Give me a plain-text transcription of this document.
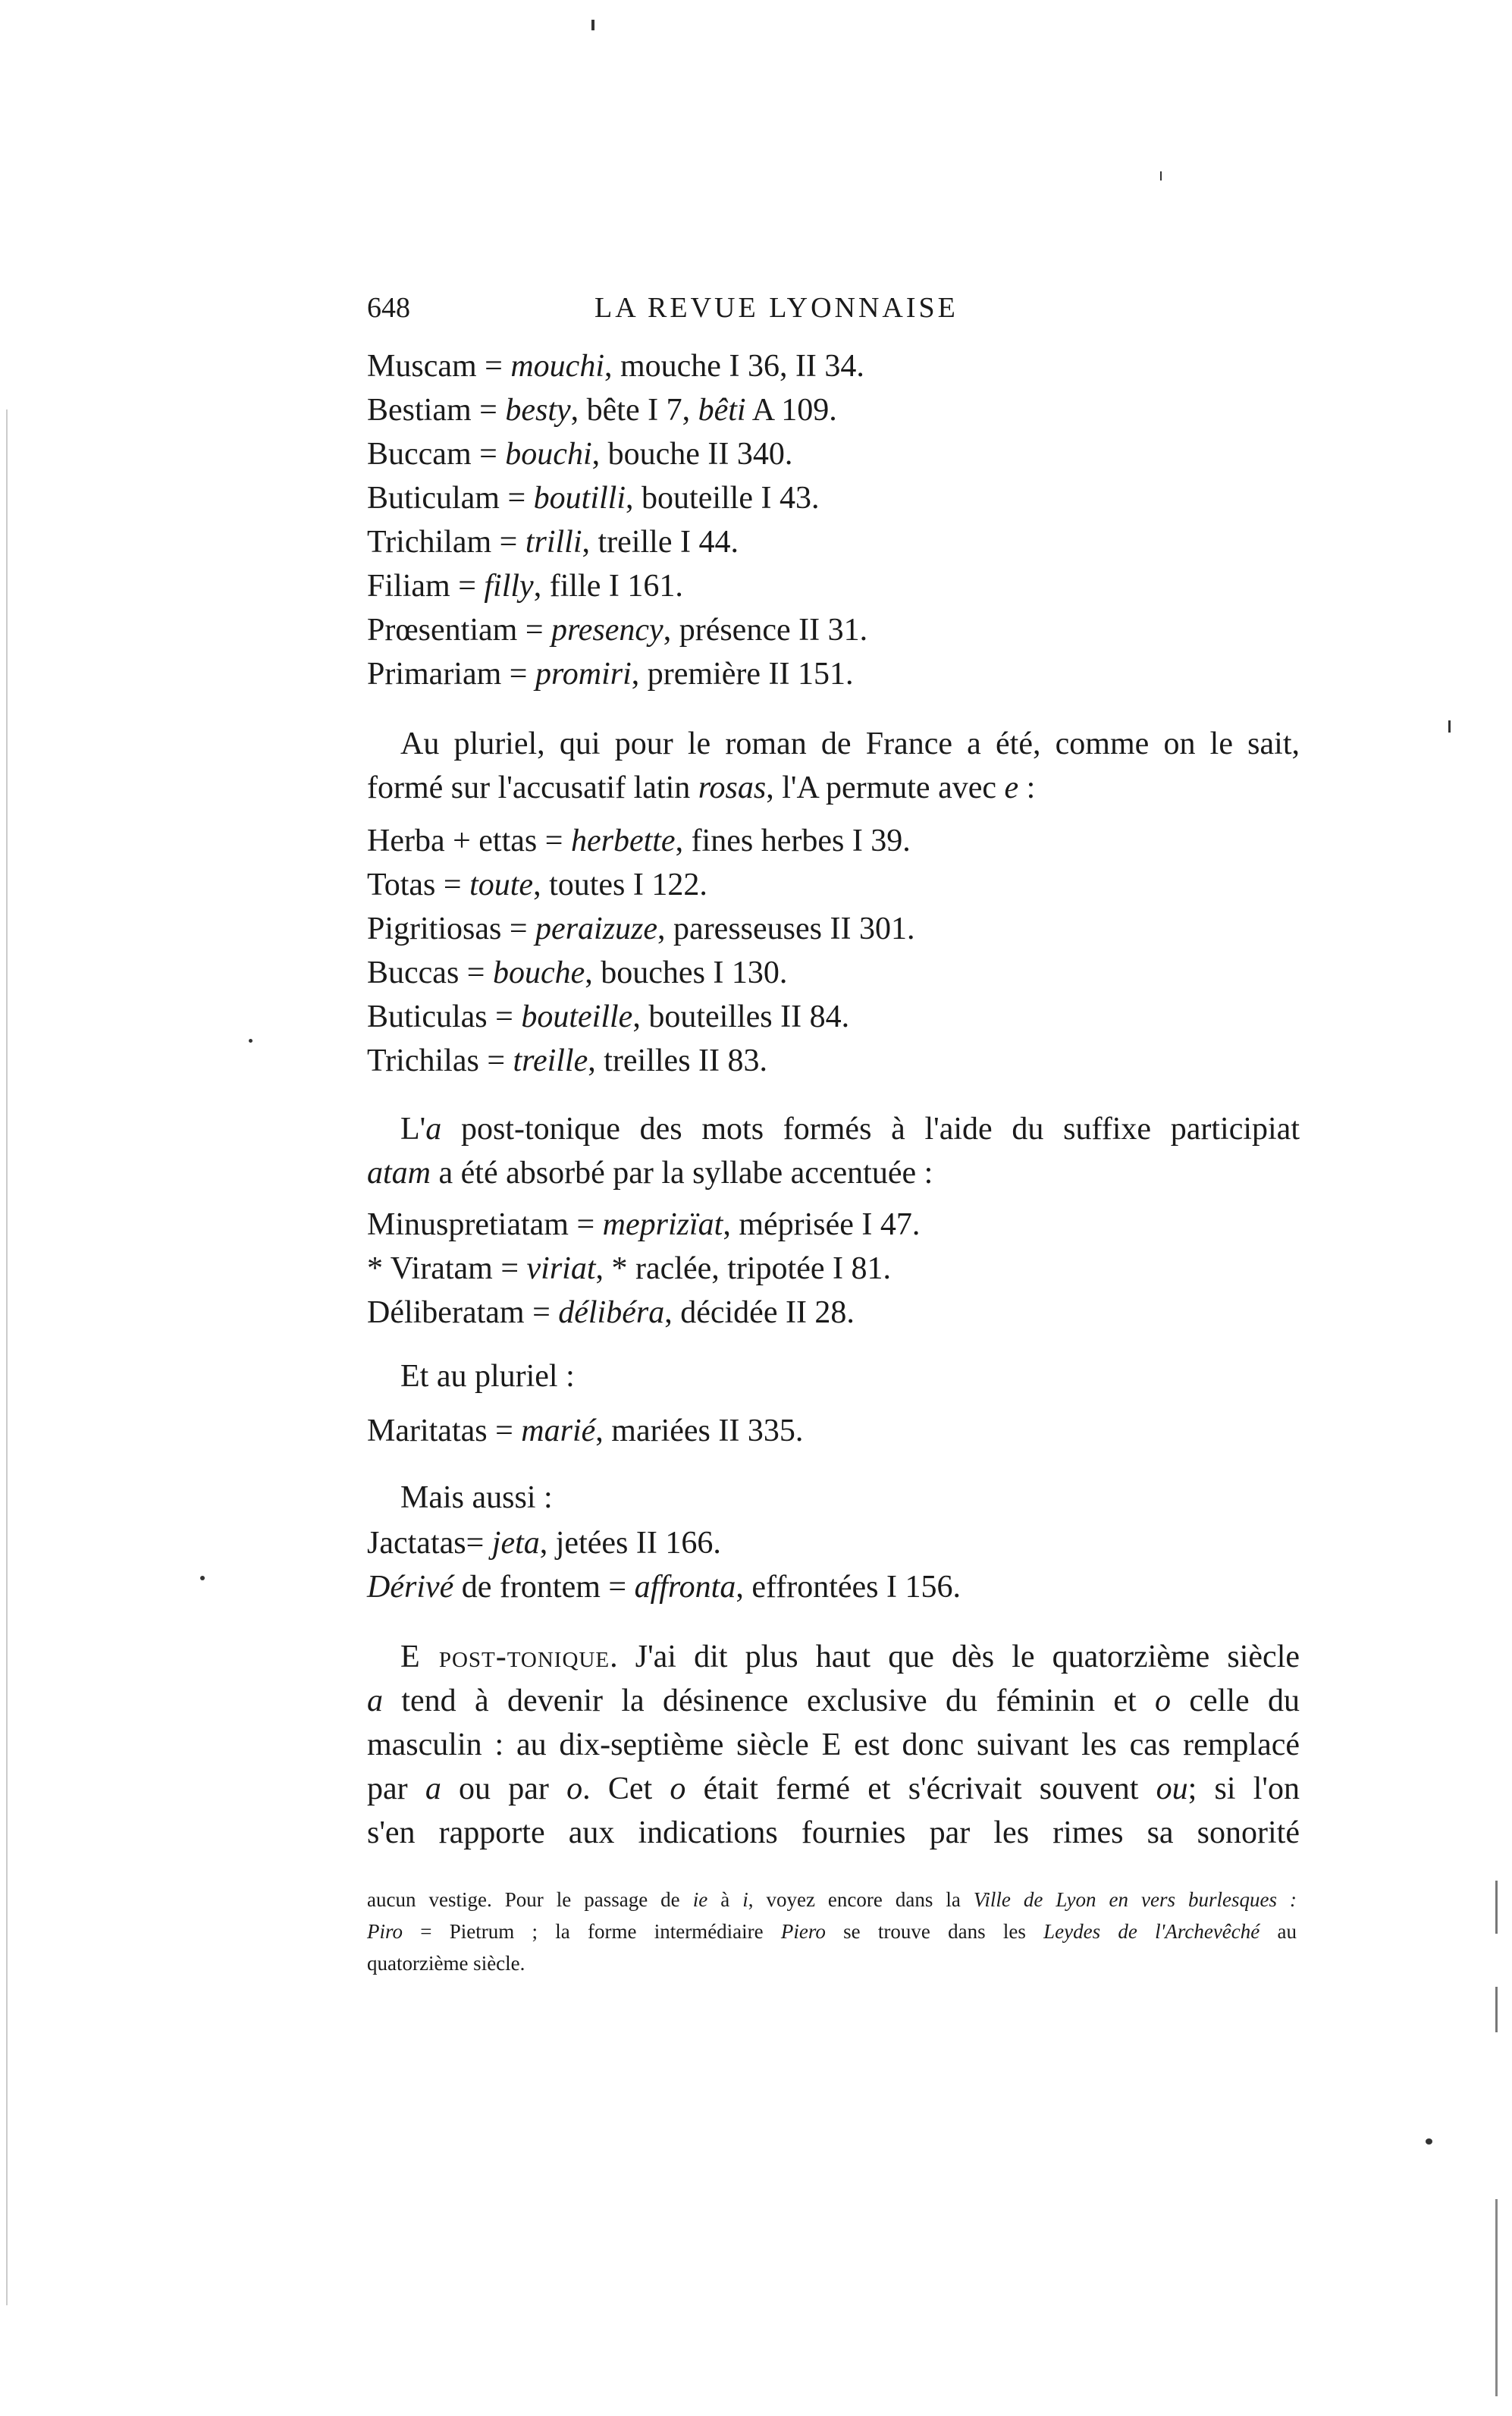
648	LA REVUE LYONNAISE
Muscam = mouchi, mouche I 36, II 34.
Bestiam = besty, bête I 7, bêti A 109.
Buccam = bouchi, bouche II 340.
Buticulam = boutilli, bouteille I 43.
Trichilam = trilli, treille I 44.
Filiam = filly, fille I 161.
Prœsentiam = presency, présence II 31.
Primariam = promiri, première II 151.
Au pluriel, qui pour le roman de France a été, comme on le sait,
formé sur l'accusatif latin rosas, l'A permute avec e :
Herba + ettas = herbette, fines herbes I 39.
Totas = toute, toutes I 122.
Pigritiosas = peraizuze, paresseuses II 301.
Buccas = bouche, bouches I 130.
Buticulas = bouteille, bouteilles II 84.
Trichilas = treille, treilles II 83.
L'a post-tonique des mots formés à l'aide du suffixe participiat
atam a été absorbé par la syllabe accentuée :
Minuspretiatam = meprizïat, méprisée I 47.
* Viratam = viriat, * raclée, tripotée I 81.
Déliberatam = délibéra, décidée II 28.
Et au pluriel :
Maritatas = marié, mariées II 335.
Mais aussi :
Jactatas= jeta, jetées II 166.
Dérivé de frontem = affronta, effrontées I 156.
E post-tonique. J'ai dit plus haut que dès le quatorzième siècle
a tend à devenir la désinence exclusive du féminin et o celle du
masculin : au dix-septième siècle E est donc suivant les cas remplacé
par a ou par o. Cet o était fermé et s'écrivait souvent ou; si l'on
s'en rapporte aux indications fournies par les rimes sa sonorité
aucun vestige. Pour le passage de ie à i, voyez encore dans la Ville de Lyon en vers burlesques :
Piro = Pietrum ; la forme intermédiaire Piero se trouve dans les Leydes de l'Archevêché au
quatorzième siècle.
